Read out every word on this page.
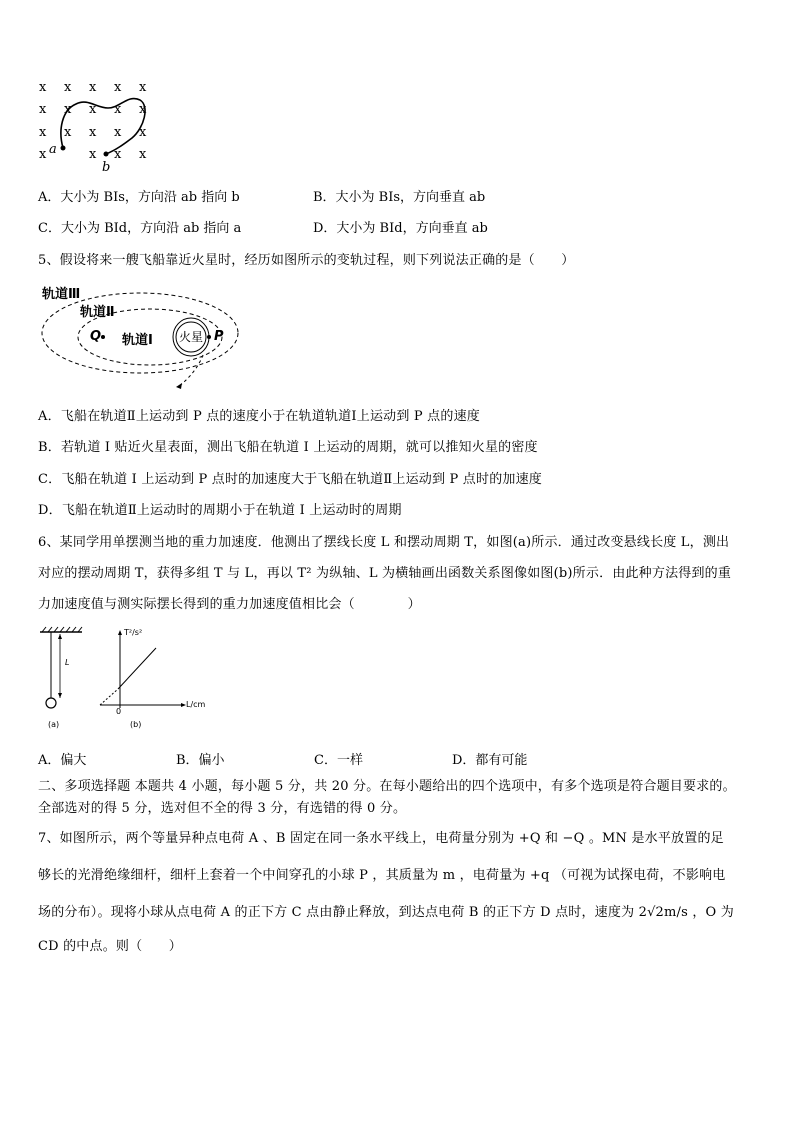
x x x x x
x x x x x
x x x x x
x	x x x
a
b
A．大小为 BIs，方向沿 ab 指向 b	B．大小为 BIs，方向垂直 ab
C．大小为 BId，方向沿 ab 指向 a	D．大小为 BId，方向垂直 ab
5、假设将来一艘飞船靠近火星时，经历如图所示的变轨过程，则下列说法正确的是（　　）
轨道Ⅲ
轨道Ⅱ
轨道Ⅰ 火星
Q	P
A．飞船在轨道Ⅱ上运动到 P 点的速度小于在轨道轨道Ⅰ上运动到 P 点的速度
B．若轨道 I 贴近火星表面，测出飞船在轨道 I 上运动的周期，就可以推知火星的密度
C．飞船在轨道 I 上运动到 P 点时的加速度大于飞船在轨道Ⅱ上运动到 P 点时的加速度
D．飞船在轨道Ⅱ上运动时的周期小于在轨道 I 上运动时的周期
6、某同学用单摆测当地的重力加速度．他测出了摆线长度 L 和摆动周期 T，如图(a)所示．通过改变悬线长度 L，测出
对应的摆动周期 T，获得多组 T 与 L，再以 T² 为纵轴、L 为横轴画出函数关系图像如图(b)所示．由此种方法得到的重
力加速度值与测实际摆长得到的重力加速度值相比会（　　　　）
L
(a)	(b)
T²/s²
L/cm
0
A．偏大	B．偏小	C．一样	D．都有可能
二、多项选择题 本题共 4 小题，每小题 5 分，共 20 分。在每小题给出的四个选项中，有多个选项是符合题目要求的。
全部选对的得 5 分，选对但不全的得 3 分，有选错的得 0 分。
7、如图所示，两个等量异种点电荷 A 、B 固定在同一条水平线上，电荷量分别为 +Q 和 −Q 。MN 是水平放置的足
够长的光滑绝缘细杆，细杆上套着一个中间穿孔的小球 P ，其质量为 m ，电荷量为 +q （可视为试探电荷，不影响电
场的分布）。现将小球从点电荷 A 的正下方 C 点由静止释放，到达点电荷 B 的正下方 D 点时，速度为 2√2m/s ，O 为
CD 的中点。则（　　）
